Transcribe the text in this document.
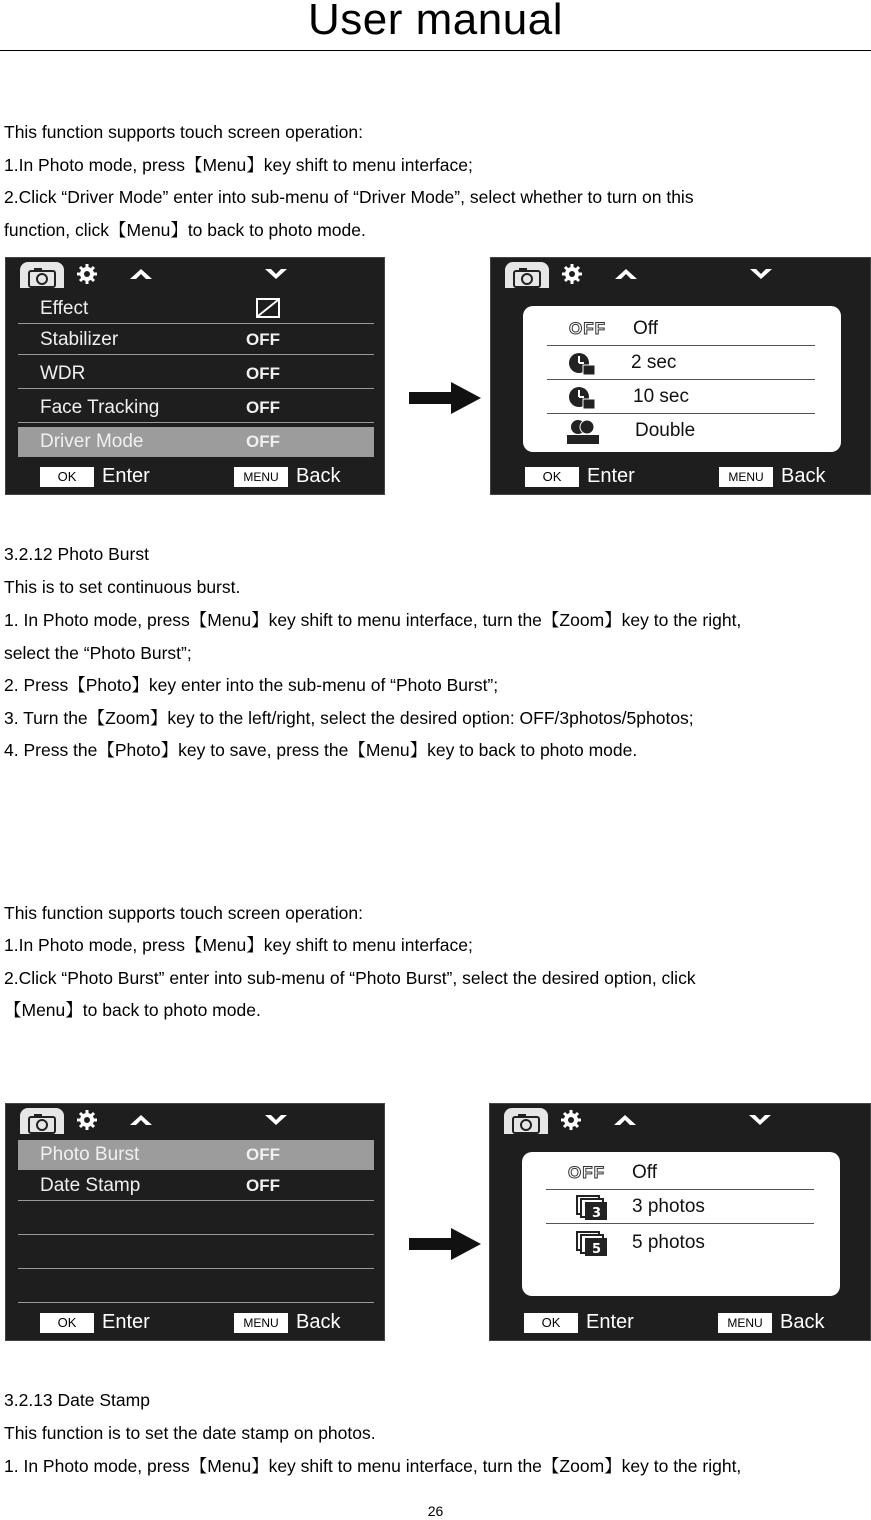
User manual
This function supports touch screen operation:
1.In Photo mode, press【Menu】key shift to menu interface;
2.Click “Driver Mode” enter into sub-menu of “Driver Mode”, select whether to turn on this
function, click【Menu】to back to photo mode.
Effect
Stabilizer	OFF
WDR	OFF
Face Tracking	OFF
Driver Mode	OFF
OK	Enter	MENU Back
OFF Off
2 sec
10 sec
Double
OK	Enter	MENU Back
3.2.12 Photo Burst
This is to set continuous burst.
1. In Photo mode, press【Menu】key shift to menu interface, turn the【Zoom】key to the right,
select the “Photo Burst”;
2. Press【Photo】key enter into the sub-menu of “Photo Burst”;
3. Turn the【Zoom】key to the left/right, select the desired option: OFF/3photos/5photos;
4. Press the【Photo】key to save, press the【Menu】key to back to photo mode.
This function supports touch screen operation:
1.In Photo mode, press【Menu】key shift to menu interface;
2.Click “Photo Burst” enter into sub-menu of “Photo Burst”, select the desired option, click
【Menu】to back to photo mode.
Photo Burst	OFF
Date Stamp	OFF
OK	Enter	MENU Back
OFF Off
3 3 photos
5 5 photos
OK	Enter	MENU Back
3.2.13 Date Stamp
This function is to set the date stamp on photos.
1. In Photo mode, press【Menu】key shift to menu interface, turn the【Zoom】key to the right,
26
